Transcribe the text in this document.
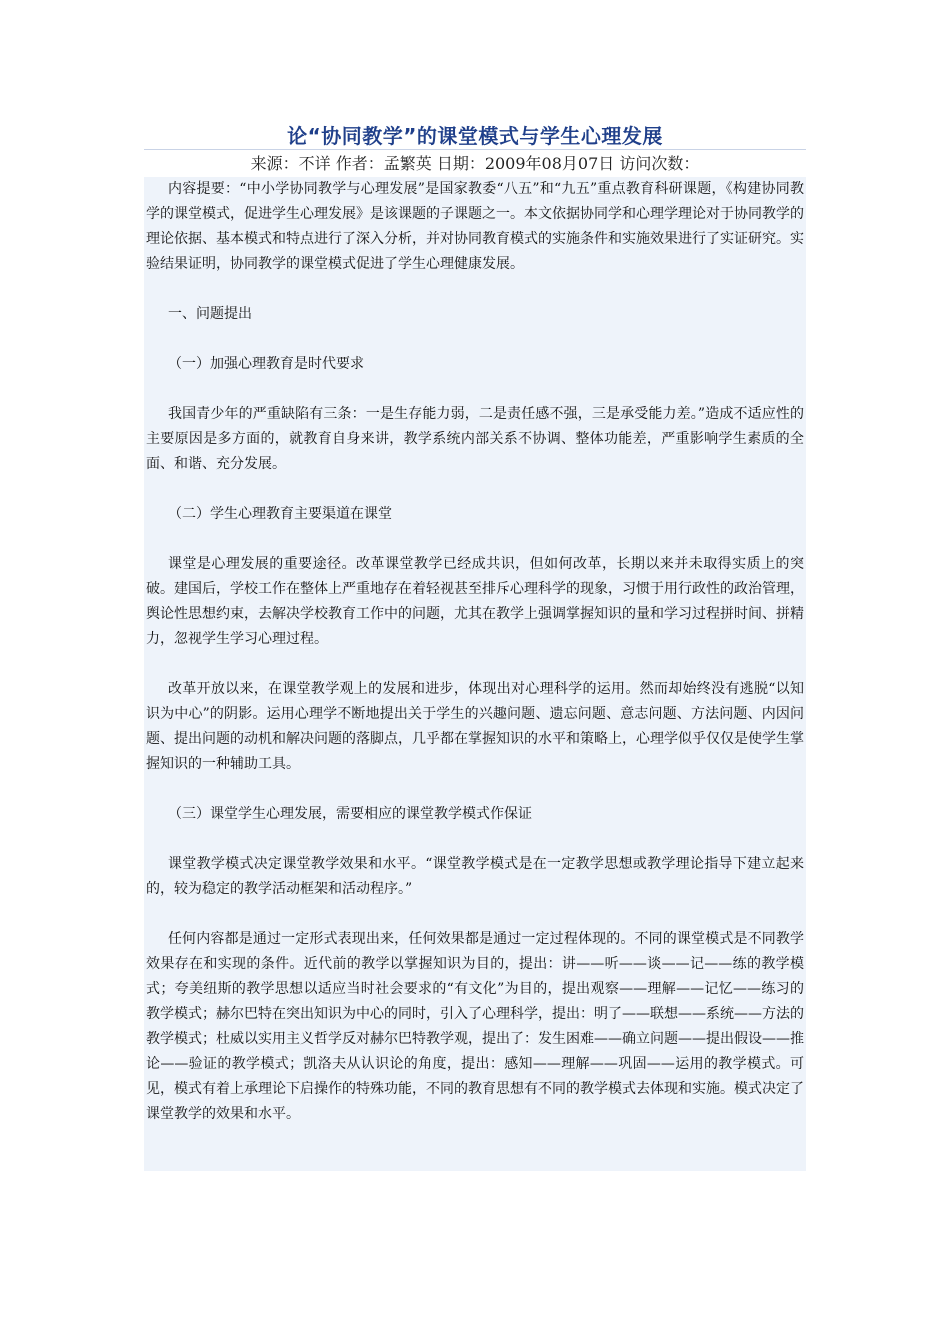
论“协同教学”的课堂模式与学生心理发展
来源：不详 作者：孟繁英 日期：2009年08月07日 访问次数：

内容提要：“中小学协同教学与心理发展”是国家教委“八五”和“九五”重点教育科研课题，《构建协同教学的课堂模式，促进学生心理发展》是该课题的子课题之一。本文依据协同学和心理学理论对于协同教学的理论依据、基本模式和特点进行了深入分析，并对协同教育模式的实施条件和实施效果进行了实证研究。实验结果证明，协同教学的课堂模式促进了学生心理健康发展。

一、问题提出

（一）加强心理教育是时代要求

我国青少年的严重缺陷有三条：一是生存能力弱，二是责任感不强，三是承受能力差。”造成不适应性的主要原因是多方面的，就教育自身来讲，教学系统内部关系不协调、整体功能差，严重影响学生素质的全面、和谐、充分发展。

（二）学生心理教育主要渠道在课堂

课堂是心理发展的重要途径。改革课堂教学已经成共识，但如何改革，长期以来并未取得实质上的突破。建国后，学校工作在整体上严重地存在着轻视甚至排斥心理科学的现象，习惯于用行政性的政治管理，舆论性思想约束，去解决学校教育工作中的问题，尤其在教学上强调掌握知识的量和学习过程拼时间、拼精力，忽视学生学习心理过程。

改革开放以来，在课堂教学观上的发展和进步，体现出对心理科学的运用。然而却始终没有逃脱“以知识为中心”的阴影。运用心理学不断地提出关于学生的兴趣问题、遗忘问题、意志问题、方法问题、内因问题、提出问题的动机和解决问题的落脚点，几乎都在掌握知识的水平和策略上，心理学似乎仅仅是使学生掌握知识的一种辅助工具。

（三）课堂学生心理发展，需要相应的课堂教学模式作保证

课堂教学模式决定课堂教学效果和水平。“课堂教学模式是在一定教学思想或教学理论指导下建立起来的，较为稳定的教学活动框架和活动程序。”

任何内容都是通过一定形式表现出来，任何效果都是通过一定过程体现的。不同的课堂模式是不同教学效果存在和实现的条件。近代前的教学以掌握知识为目的，提出：讲——听——谈——记——练的教学模式；夸美纽斯的教学思想以适应当时社会要求的“有文化”为目的，提出观察——理解——记忆——练习的教学模式；赫尔巴特在突出知识为中心的同时，引入了心理科学，提出：明了——联想——系统——方法的教学模式；杜威以实用主义哲学反对赫尔巴特教学观，提出了：发生困难——确立问题——提出假设——推论——验证的教学模式；凯洛夫从认识论的角度，提出：感知——理解——巩固——运用的教学模式。可见，模式有着上承理论下启操作的特殊功能，不同的教育思想有不同的教学模式去体现和实施。模式决定了课堂教学的效果和水平。
